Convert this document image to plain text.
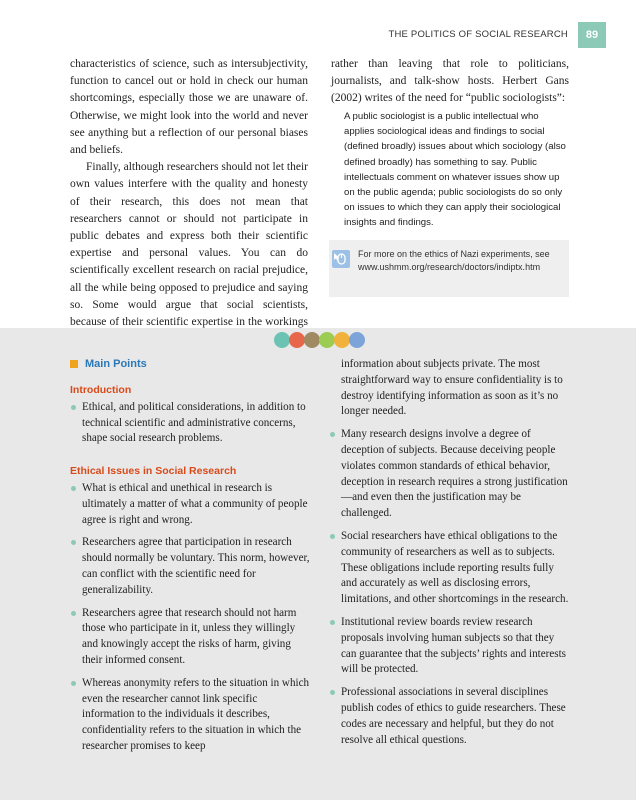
THE POLITICS OF SOCIAL RESEARCH	89

characteristics of science, such as intersubjectivity, function to cancel out or hold in check our human shortcomings, especially those we are unaware of. Otherwise, we might look into the world and never see anything but a reflection of our personal biases and beliefs.

Finally, although researchers should not let their own values interfere with the quality and honesty of their research, this does not mean that researchers cannot or should not participate in public debates and express both their scientific expertise and personal values. You can do scientifically excellent research on racial prejudice, all the while being opposed to prejudice and saying so. Some would argue that social scientists, because of their scientific expertise in the workings

rather than leaving that role to politicians, journalists, and talk-show hosts. Herbert Gans (2002) writes of the need for “public sociologists”:

A public sociologist is a public intellectual who applies sociological ideas and findings to social (defined broadly) issues about which sociology (also defined broadly) has something to say. Public intellectuals comment on whatever issues show up on the public agenda; public sociologists do so only on issues to which they can apply their sociological insights and findings.
For more on the ethics of Nazi experiments, see www.ushmm.org/research/doctors/indiptx.htm
Main Points
Introduction
Ethical, and political considerations, in addition to technical scientific and administrative concerns, shape social research problems.
Ethical Issues in Social Research
What is ethical and unethical in research is ultimately a matter of what a community of people agree is right and wrong.
Researchers agree that participation in research should normally be voluntary. This norm, however, can conflict with the scientific need for generalizability.
Researchers agree that research should not harm those who participate in it, unless they willingly and knowingly accept the risks of harm, giving their informed consent.
Whereas anonymity refers to the situation in which even the researcher cannot link specific information to the individuals it describes, confidentiality refers to the situation in which the researcher promises to keep
information about subjects private. The most straightforward way to ensure confidentiality is to destroy identifying information as soon as it’s no longer needed.
Many research designs involve a degree of deception of subjects. Because deceiving people violates common standards of ethical behavior, deception in research requires a strong justification—and even then the justification may be challenged.
Social researchers have ethical obligations to the community of researchers as well as to subjects. These obligations include reporting results fully and accurately as well as disclosing errors, limitations, and other shortcomings in the research.
Institutional review boards review research proposals involving human subjects so that they can guarantee that the subjects’ rights and interests will be protected.
Professional associations in several disciplines publish codes of ethics to guide researchers. These codes are necessary and helpful, but they do not resolve all ethical questions.
